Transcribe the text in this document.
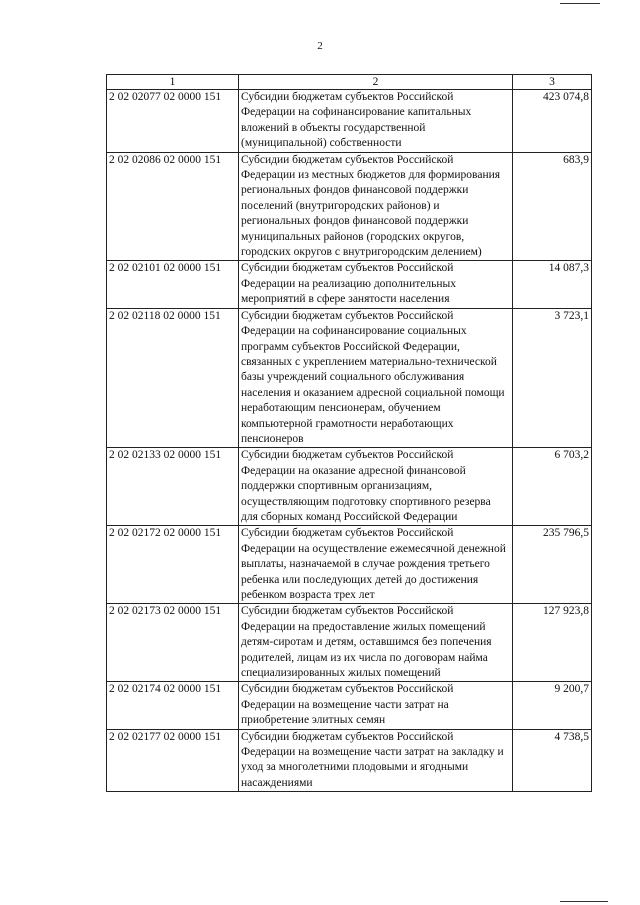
2
1	2	3
2 02 02077 02 0000 151	Субсидии бюджетам субъектов Российской Федерации на софинансирование капитальных вложений в объекты государственной (муниципальной) собственности	423 074,8
2 02 02086 02 0000 151	Субсидии бюджетам субъектов Российской Федерации из местных бюджетов для формирования региональных фондов финансовой поддержки поселений (внутригородских районов) и региональных фондов финансовой поддержки муниципальных районов (городских округов, городских округов с внутригородским делением)	683,9
2 02 02101 02 0000 151	Субсидии бюджетам субъектов Российской Федерации на реализацию дополнительных мероприятий в сфере занятости населения	14 087,3
2 02 02118 02 0000 151	Субсидии бюджетам субъектов Российской Федерации на софинансирование социальных программ субъектов Российской Федерации, связанных с укреплением материально-технической базы учреждений социального обслуживания населения и оказанием адресной социальной помощи неработающим пенсионерам, обучением компьютерной грамотности неработающих пенсионеров	3 723,1
2 02 02133 02 0000 151	Субсидии бюджетам субъектов Российской Федерации на оказание адресной финансовой поддержки спортивным организациям, осуществляющим подготовку спортивного резерва для сборных команд Российской Федерации	6 703,2
2 02 02172 02 0000 151	Субсидии бюджетам субъектов Российской Федерации на осуществление ежемесячной денежной выплаты, назначаемой в случае рождения третьего ребенка или последующих детей до достижения ребенком возраста трех лет	235 796,5
2 02 02173 02 0000 151	Субсидии бюджетам субъектов Российской Федерации на предоставление жилых помещений детям-сиротам и детям, оставшимся без попечения родителей, лицам из их числа по договорам найма специализированных жилых помещений	127 923,8
2 02 02174 02 0000 151	Субсидии бюджетам субъектов Российской Федерации на возмещение части затрат на приобретение элитных семян	9 200,7
2 02 02177 02 0000 151	Субсидии бюджетам субъектов Российской Федерации на возмещение части затрат на закладку и уход за многолетними плодовыми и ягодными насаждениями	4 738,5
